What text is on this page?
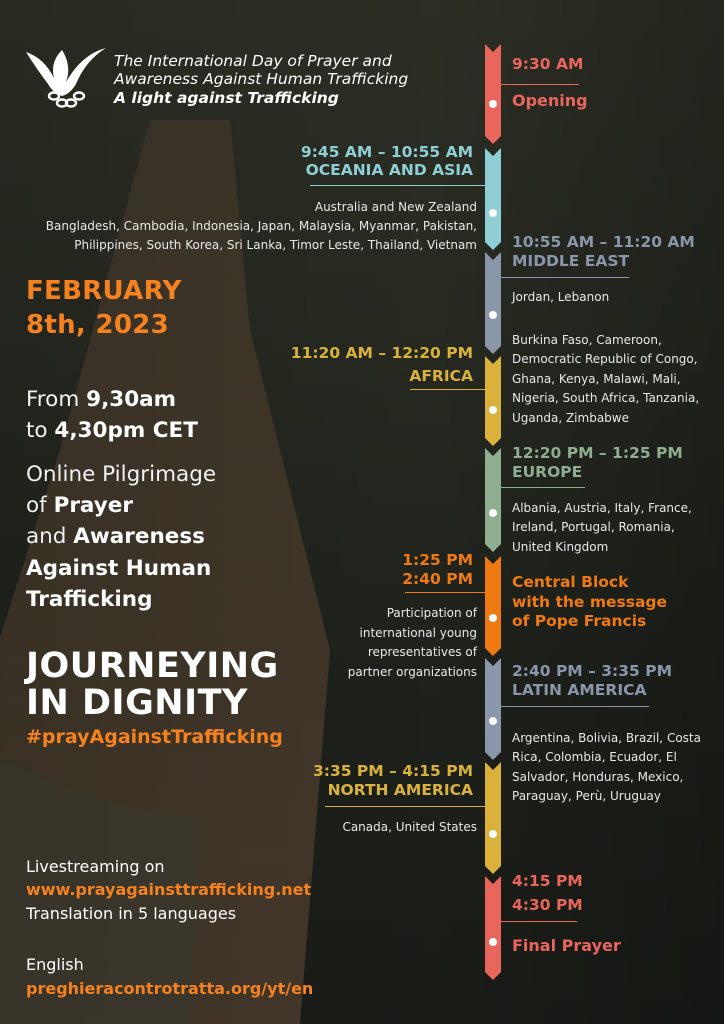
The International Day of Prayer and
Awareness Against Human Trafficking
A light against Trafficking
FEBRUARY
8th, 2023
From 9,30am
to 4,30pm CET
Online Pilgrimage
of Prayer
and Awareness
Against Human
Trafficking
JOURNEYING
IN DIGNITY
#prayAgainstTrafficking
Livestreaming on
www.prayagainsttrafficking.net
Translation in 5 languages
English
preghieracontrotratta.org/yt/en
9:30 AM
Opening
9:45 AM – 10:55 AM
OCEANIA AND ASIA
Australia and New Zealand
Bangladesh, Cambodia, Indonesia, Japan, Malaysia, Myanmar, Pakistan,
Philippines, South Korea, Sri Lanka, Timor Leste, Thailand, Vietnam 10:55 AM – 11:20 AM
MIDDLE EAST
Jordan, Lebanon
11:20 AM – 12:20 PM
AFRICA
Burkina Faso, Cameroon,
Democratic Republic of Congo,
Ghana, Kenya, Malawi, Mali,
Nigeria, South Africa, Tanzania,
Uganda, Zimbabwe
12:20 PM – 1:25 PM
EUROPE
Albania, Austria, Italy, France,
Ireland, Portugal, Romania,
United Kingdom
1:25 PM
2:40 PM	Central Block
with the message
of Pope Francis
Participation of
international young
representatives of
partner organizations 2:40 PM – 3:35 PM
LATIN AMERICA
Argentina, Bolivia, Brazil, Costa
Rica, Colombia, Ecuador, El
Salvador, Honduras, Mexico,
Paraguay, Perù, Uruguay
3:35 PM – 4:15 PM
NORTH AMERICA
Canada, United States
4:15 PM
4:30 PM
Final Prayer
